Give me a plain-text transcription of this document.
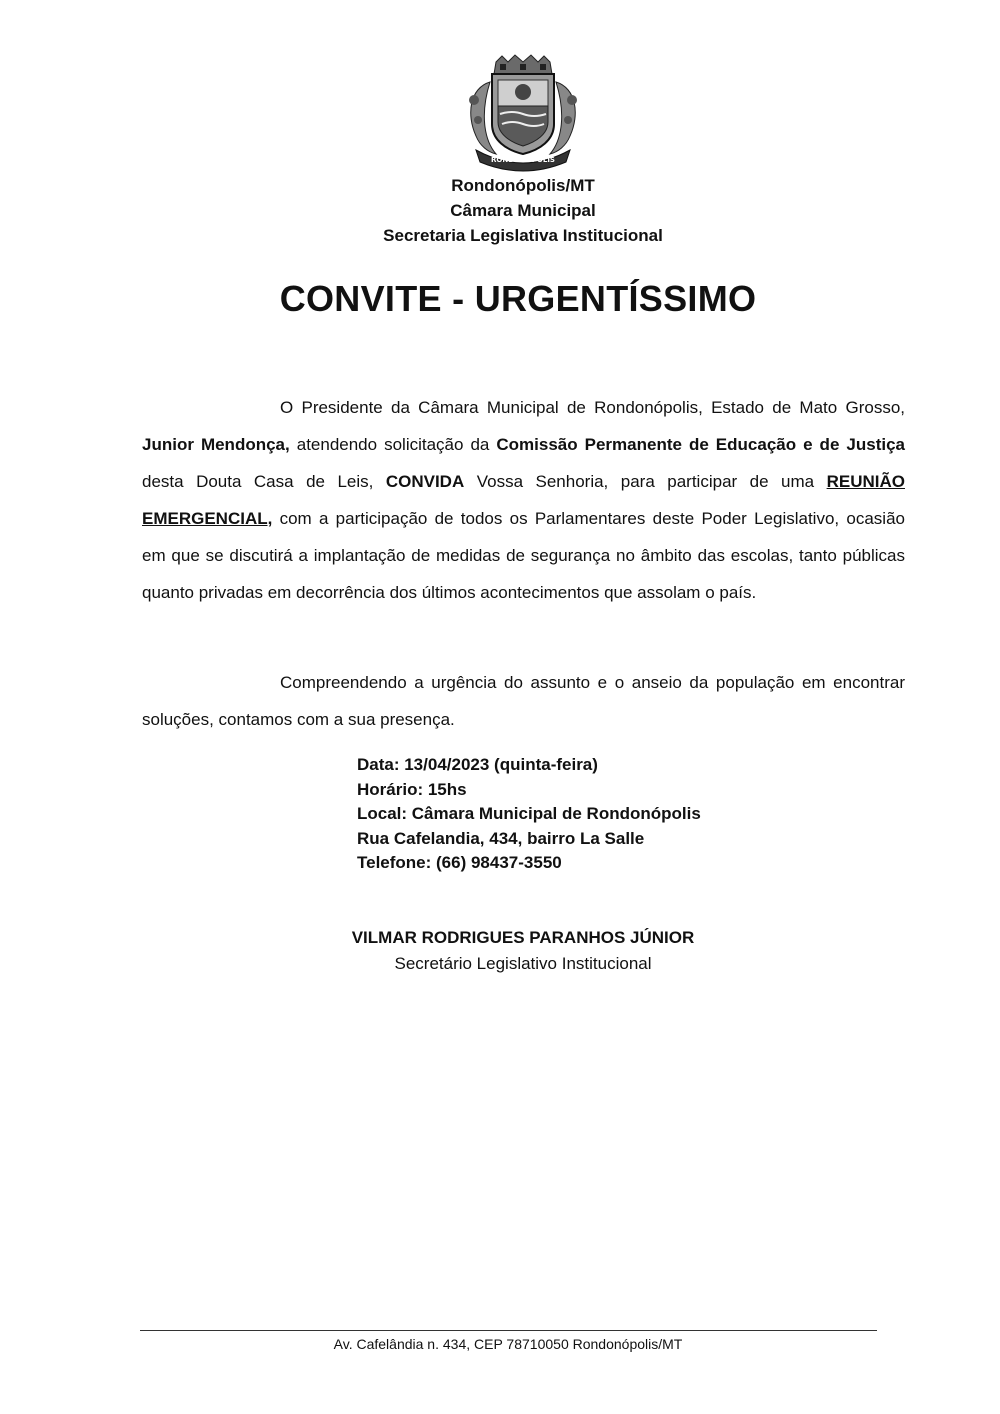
RONDONÓPOLIS
Rondonópolis/MT
Câmara Municipal
Secretaria Legislativa Institucional
CONVITE - URGENTÍSSIMO
O Presidente da Câmara Municipal de Rondonópolis, Estado de Mato Grosso, Junior Mendonça, atendendo solicitação da Comissão Permanente de Educação e de Justiça desta Douta Casa de Leis, CONVIDA Vossa Senhoria, para participar de uma REUNIÃO EMERGENCIAL, com a participação de todos os Parlamentares deste Poder Legislativo, ocasião em que se discutirá a implantação de medidas de segurança no âmbito das escolas, tanto públicas quanto privadas em decorrência dos últimos acontecimentos que assolam o país.
Compreendendo a urgência do assunto e o anseio da população em encontrar soluções, contamos com a sua presença.
Data: 13/04/2023 (quinta-feira)
Horário: 15hs
Local: Câmara Municipal de Rondonópolis
Rua Cafelandia, 434, bairro La Salle
Telefone: (66) 98437-3550
VILMAR RODRIGUES PARANHOS JÚNIOR
Secretário Legislativo Institucional
Av. Cafelândia n. 434, CEP 78710050 Rondonópolis/MT
